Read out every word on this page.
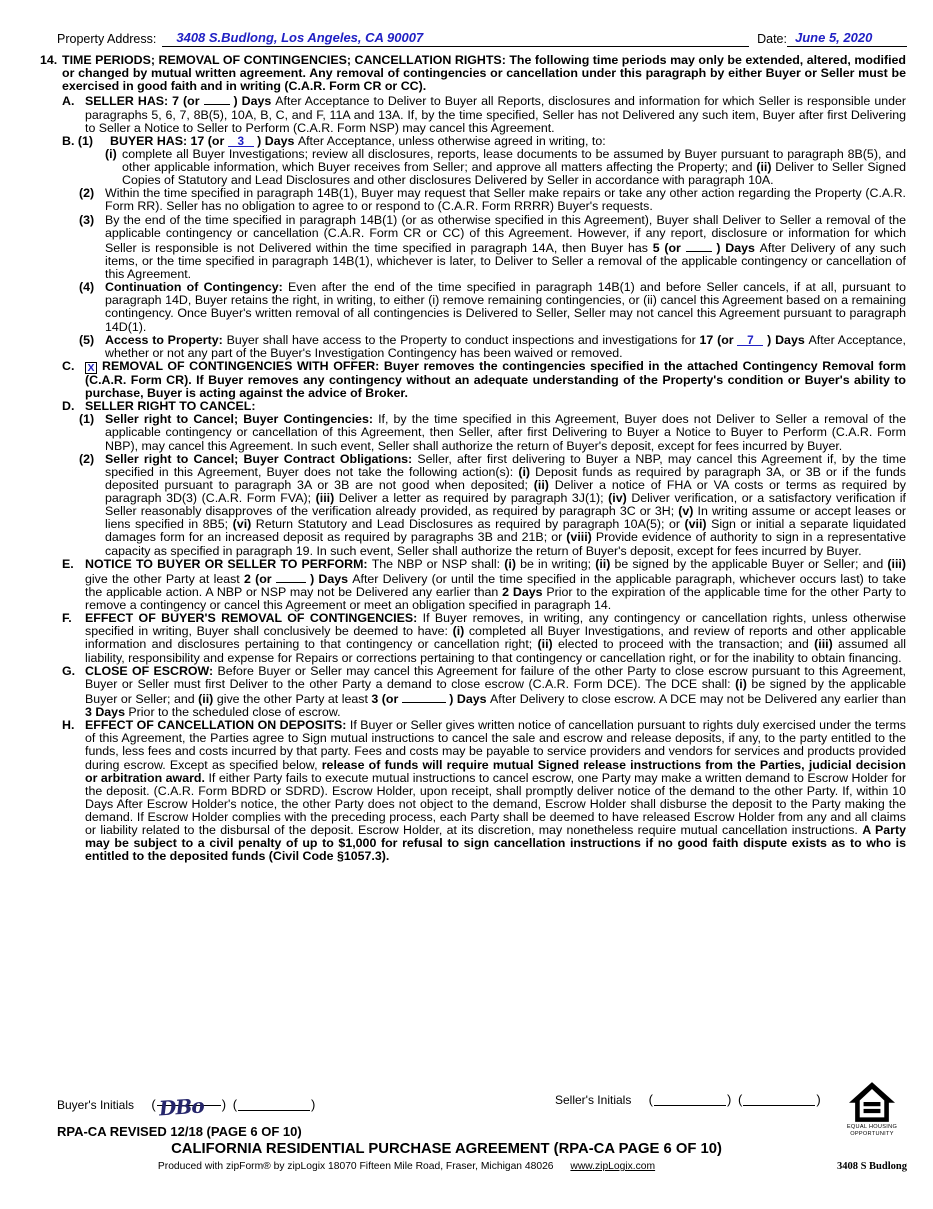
Property Address:	3408 S.Budlong, Los Angeles, CA 90007	Date: June 5, 2020
14. TIME PERIODS; REMOVAL OF CONTINGENCIES; CANCELLATION RIGHTS: The following time periods may only be extended, altered, modified or changed by mutual written agreement. Any removal of contingencies or cancellation under this paragraph by either Buyer or Seller must be exercised in good faith and in writing (C.A.R. Form CR or CC).
A. SELLER HAS: 7 (or  ) Days After Acceptance to Deliver to Buyer all Reports, disclosures and information for which Seller is responsible under paragraphs 5, 6, 7, 8B(5), 10A, B, C, and F, 11A and 13A. If, by the time specified, Seller has not Delivered any such item, Buyer after first Delivering to Seller a Notice to Seller to Perform (C.A.R. Form NSP) may cancel this Agreement.
B. (1) BUYER HAS: 17 (or 3 ) Days After Acceptance, unless otherwise agreed in writing, to:
(i) complete all Buyer Investigations; review all disclosures, reports, lease documents to be assumed by Buyer pursuant to paragraph 8B(5), and other applicable information, which Buyer receives from Seller; and approve all matters affecting the Property; and (ii) Deliver to Seller Signed Copies of Statutory and Lead Disclosures and other disclosures Delivered by Seller in accordance with paragraph 10A.
(2) Within the time specified in paragraph 14B(1), Buyer may request that Seller make repairs or take any other action regarding the Property (C.A.R. Form RR). Seller has no obligation to agree to or respond to (C.A.R. Form RRRR) Buyer's requests.
(3) By the end of the time specified in paragraph 14B(1) (or as otherwise specified in this Agreement), Buyer shall Deliver to Seller a removal of the applicable contingency or cancellation (C.A.R. Form CR or CC) of this Agreement. However, if any report, disclosure or information for which Seller is responsible is not Delivered within the time specified in paragraph 14A, then Buyer has 5 (or  ) Days After Delivery of any such items, or the time specified in paragraph 14B(1), whichever is later, to Deliver to Seller a removal of the applicable contingency or cancellation of this Agreement.
(4) Continuation of Contingency: Even after the end of the time specified in paragraph 14B(1) and before Seller cancels, if at all, pursuant to paragraph 14D, Buyer retains the right, in writing, to either (i) remove remaining contingencies, or (ii) cancel this Agreement based on a remaining contingency. Once Buyer's written removal of all contingencies is Delivered to Seller, Seller may not cancel this Agreement pursuant to paragraph 14D(1).
(5) Access to Property: Buyer shall have access to the Property to conduct inspections and investigations for 17 (or 7 ) Days After Acceptance, whether or not any part of the Buyer's Investigation Contingency has been waived or removed.
C. X REMOVAL OF CONTINGENCIES WITH OFFER: Buyer removes the contingencies specified in the attached Contingency Removal form (C.A.R. Form CR). If Buyer removes any contingency without an adequate understanding of the Property's condition or Buyer's ability to purchase, Buyer is acting against the advice of Broker.
D. SELLER RIGHT TO CANCEL:
(1) Seller right to Cancel; Buyer Contingencies: If, by the time specified in this Agreement, Buyer does not Deliver to Seller a removal of the applicable contingency or cancellation of this Agreement, then Seller, after first Delivering to Buyer a Notice to Buyer to Perform (C.A.R. Form NBP), may cancel this Agreement. In such event, Seller shall authorize the return of Buyer's deposit, except for fees incurred by Buyer.
(2) Seller right to Cancel; Buyer Contract Obligations: Seller, after first delivering to Buyer a NBP, may cancel this Agreement if, by the time specified in this Agreement, Buyer does not take the following action(s): (i) Deposit funds as required by paragraph 3A, or 3B or if the funds deposited pursuant to paragraph 3A or 3B are not good when deposited; (ii) Deliver a notice of FHA or VA costs or terms as required by paragraph 3D(3) (C.A.R. Form FVA); (iii) Deliver a letter as required by paragraph 3J(1); (iv) Deliver verification, or a satisfactory verification if Seller reasonably disapproves of the verification already provided, as required by paragraph 3C or 3H; (v) In writing assume or accept leases or liens specified in 8B5; (vi) Return Statutory and Lead Disclosures as required by paragraph 10A(5); or (vii) Sign or initial a separate liquidated damages form for an increased deposit as required by paragraphs 3B and 21B; or (viii) Provide evidence of authority to sign in a representative capacity as specified in paragraph 19. In such event, Seller shall authorize the return of Buyer's deposit, except for fees incurred by Buyer.
E. NOTICE TO BUYER OR SELLER TO PERFORM: The NBP or NSP shall: (i) be in writing; (ii) be signed by the applicable Buyer or Seller; and (iii) give the other Party at least 2 (or  ) Days After Delivery (or until the time specified in the applicable paragraph, whichever occurs last) to take the applicable action. A NBP or NSP may not be Delivered any earlier than 2 Days Prior to the expiration of the applicable time for the other Party to remove a contingency or cancel this Agreement or meet an obligation specified in paragraph 14.
F. EFFECT OF BUYER'S REMOVAL OF CONTINGENCIES: If Buyer removes, in writing, any contingency or cancellation rights, unless otherwise specified in writing, Buyer shall conclusively be deemed to have: (i) completed all Buyer Investigations, and review of reports and other applicable information and disclosures pertaining to that contingency or cancellation right; (ii) elected to proceed with the transaction; and (iii) assumed all liability, responsibility and expense for Repairs or corrections pertaining to that contingency or cancellation right, or for the inability to obtain financing.
G. CLOSE OF ESCROW: Before Buyer or Seller may cancel this Agreement for failure of the other Party to close escrow pursuant to this Agreement, Buyer or Seller must first Deliver to the other Party a demand to close escrow (C.A.R. Form DCE). The DCE shall: (i) be signed by the applicable Buyer or Seller; and (ii) give the other Party at least 3 (or	) Days After Delivery to close escrow. A DCE may not be Delivered any earlier than 3 Days Prior to the scheduled close of escrow.
H. EFFECT OF CANCELLATION ON DEPOSITS: If Buyer or Seller gives written notice of cancellation pursuant to rights duly exercised under the terms of this Agreement, the Parties agree to Sign mutual instructions to cancel the sale and escrow and release deposits, if any, to the party entitled to the funds, less fees and costs incurred by that party. Fees and costs may be payable to service providers and vendors for services and products provided during escrow. Except as specified below, release of funds will require mutual Signed release instructions from the Parties, judicial decision or arbitration award. If either Party fails to execute mutual instructions to cancel escrow, one Party may make a written demand to Escrow Holder for the deposit. (C.A.R. Form BDRD or SDRD). Escrow Holder, upon receipt, shall promptly deliver notice of the demand to the other Party. If, within 10 Days After Escrow Holder's notice, the other Party does not object to the demand, Escrow Holder shall disburse the deposit to the Party making the demand. If Escrow Holder complies with the preceding process, each Party shall be deemed to have released Escrow Holder from any and all claims or liability related to the disbursal of the deposit. Escrow Holder, at its discretion, may nonetheless require mutual cancellation instructions. A Party may be subject to a civil penalty of up to $1,000 for refusal to sign cancellation instructions if no good faith dispute exists as to who is entitled to the deposited funds (Civil Code §1057.3).
Buyer's Initials ( DBo ) (	)	Seller's Initials (	) (	)
EQUAL HOUSING
OPPORTUNITY
RPA-CA REVISED 12/18 (PAGE 6 OF 10)
CALIFORNIA RESIDENTIAL PURCHASE AGREEMENT (RPA-CA PAGE 6 OF 10)
Produced with zipForm® by zipLogix 18070 Fifteen Mile Road, Fraser, Michigan 48026 www.zipLogix.com	3408 S Budlong
